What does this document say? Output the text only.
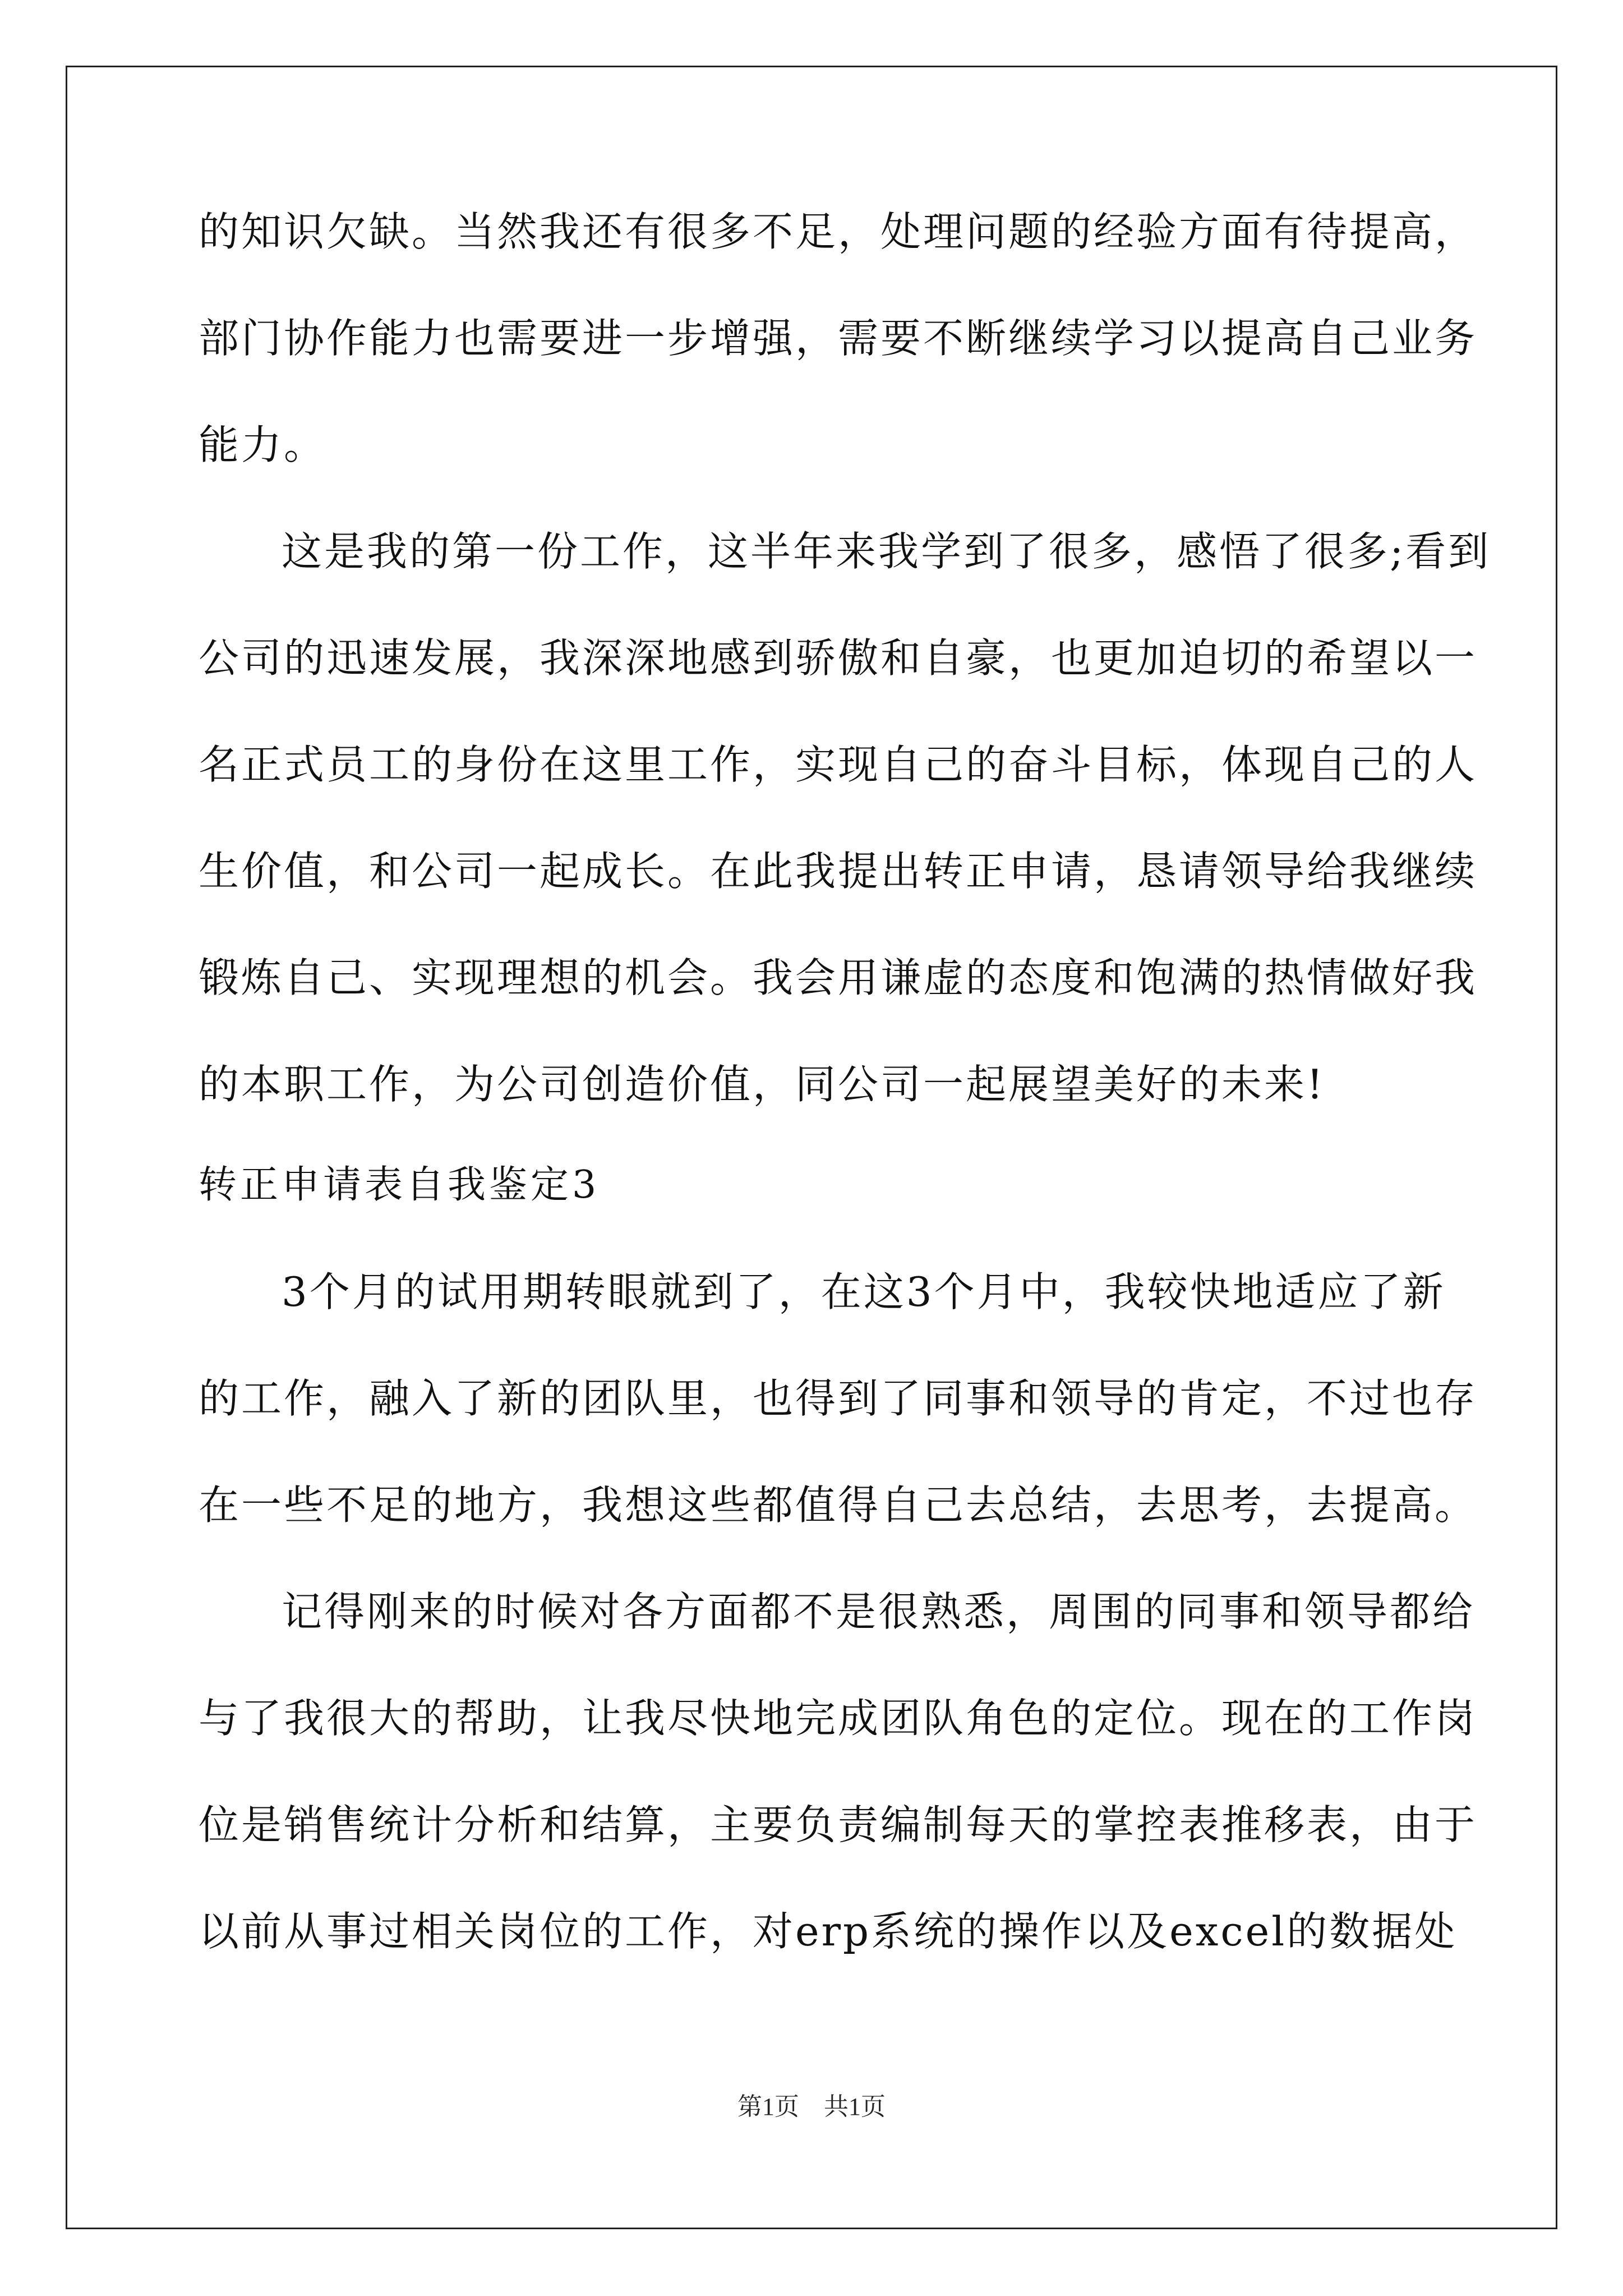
的知识欠缺。当然我还有很多不足，处理问题的经验方面有待提高，
部门协作能力也需要进一步增强，需要不断继续学习以提高自己业务
能力。
这是我的第一份工作，这半年来我学到了很多，感悟了很多;看到
公司的迅速发展，我深深地感到骄傲和自豪，也更加迫切的希望以一
名正式员工的身份在这里工作，实现自己的奋斗目标，体现自己的人
生价值，和公司一起成长。在此我提出转正申请，恳请领导给我继续
锻炼自己、实现理想的机会。我会用谦虚的态度和饱满的热情做好我
的本职工作，为公司创造价值，同公司一起展望美好的未来!
转正申请表自我鉴定3
3个月的试用期转眼就到了，在这3个月中，我较快地适应了新
的工作，融入了新的团队里，也得到了同事和领导的肯定，不过也存
在一些不足的地方，我想这些都值得自己去总结，去思考，去提高。
记得刚来的时候对各方面都不是很熟悉，周围的同事和领导都给
与了我很大的帮助，让我尽快地完成团队角色的定位。现在的工作岗
位是销售统计分析和结算，主要负责编制每天的掌控表推移表，由于
以前从事过相关岗位的工作，对erp系统的操作以及excel的数据处
第1页　共1页
